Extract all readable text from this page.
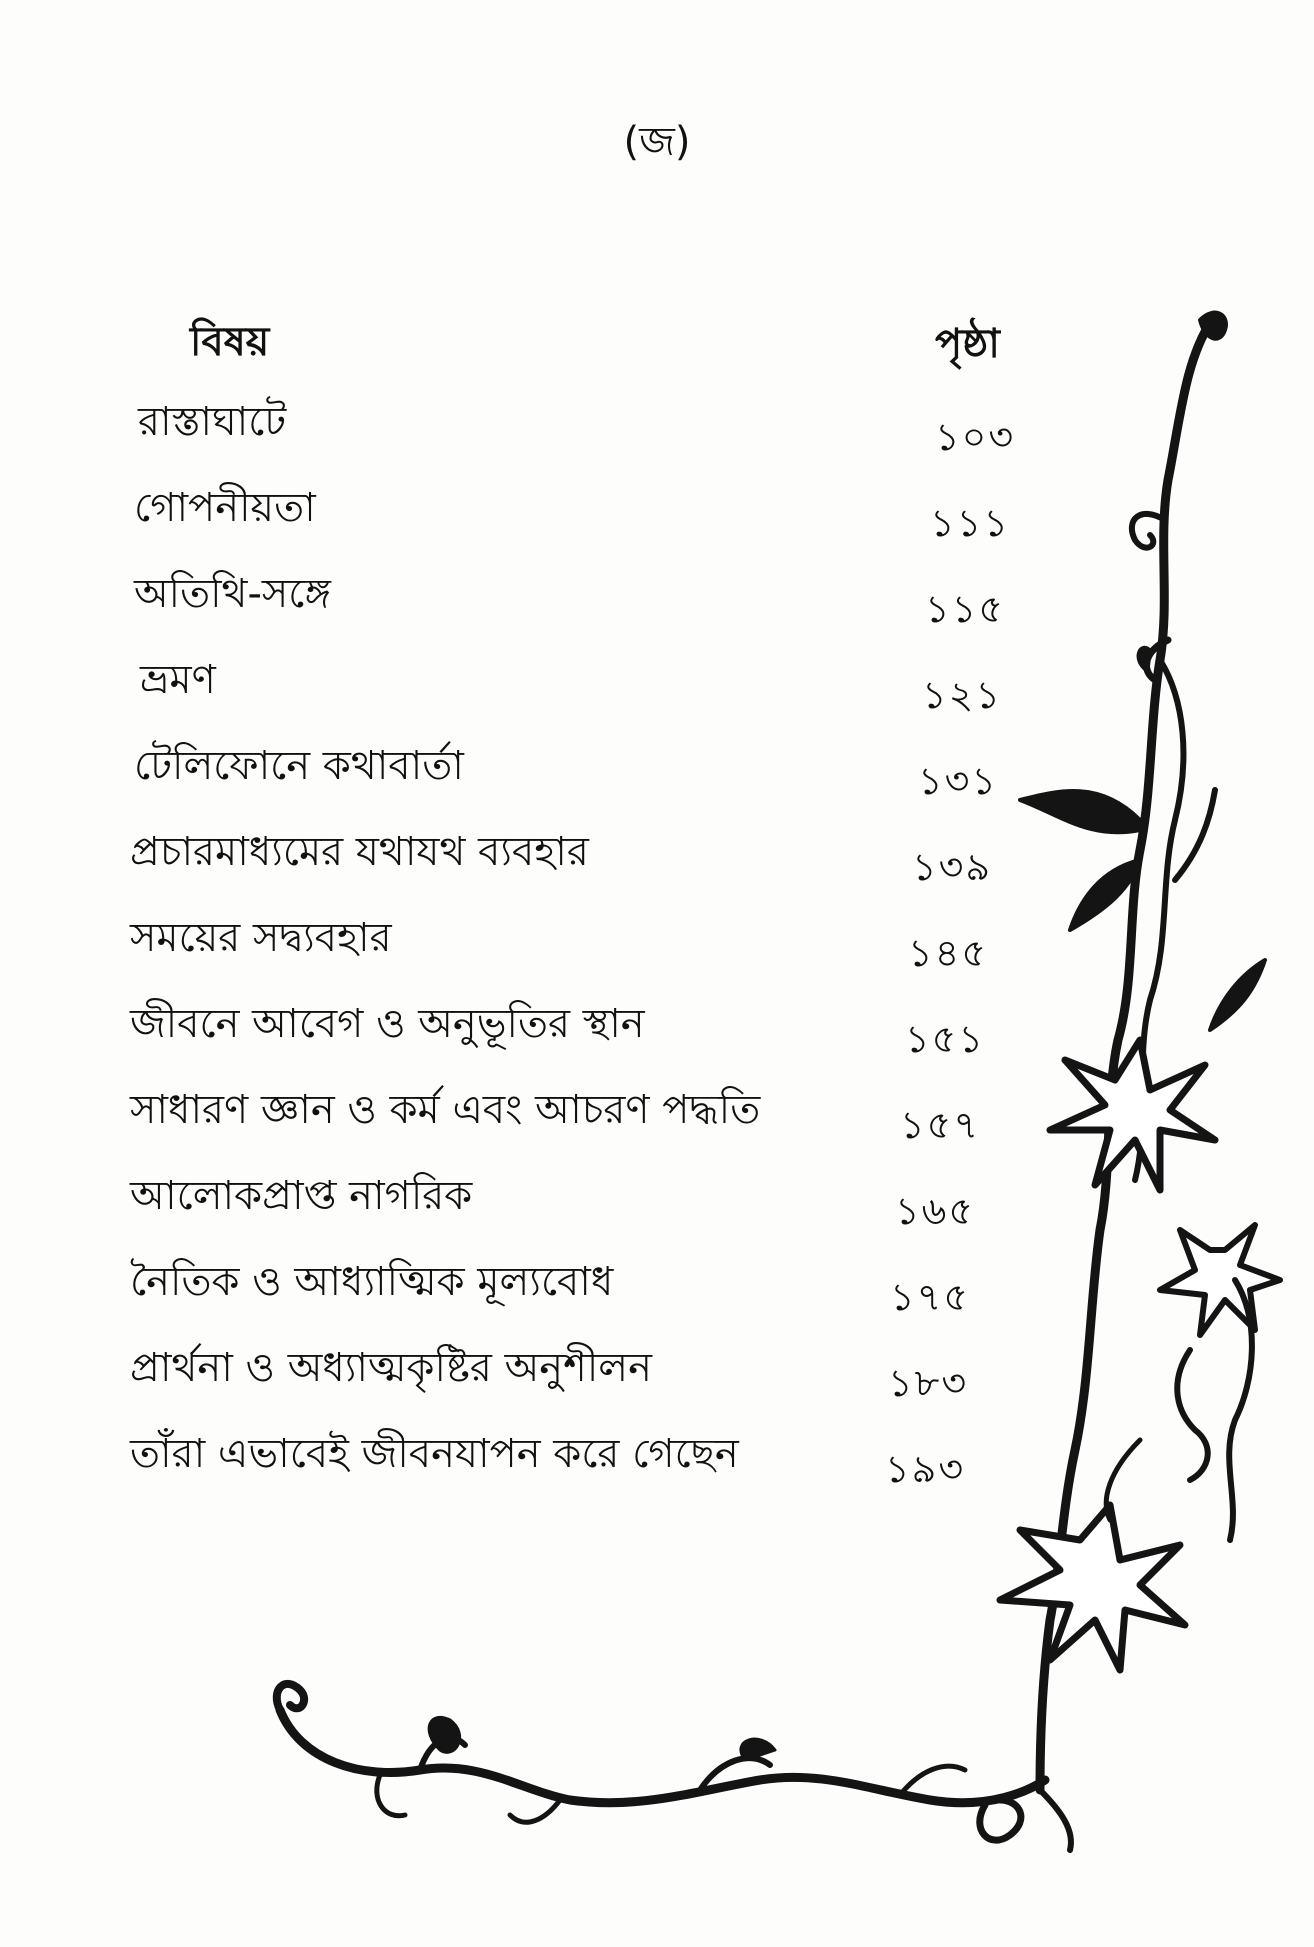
(জ)
বিষয়	পৃষ্ঠা
রাস্তাঘাটে	১০৩
গোপনীয়তা	১১১
অতিথি-সঙ্গে	১১৫
ভ্রমণ	১২১
টেলিফোনে কথাবার্তা	১৩১
প্রচারমাধ্যমের যথাযথ ব্যবহার	১৩৯
সময়ের সদ্ব্যবহার	১৪৫
জীবনে আবেগ ও অনুভূতির স্থান	১৫১
সাধারণ জ্ঞান ও কর্ম এবং আচরণ পদ্ধতি	১৫৭
আলোকপ্রাপ্ত নাগরিক	১৬৫
নৈতিক ও আধ্যাত্মিক মূল্যবোধ	১৭৫
প্রার্থনা ও অধ্যাত্মকৃষ্টির অনুশীলন	১৮৩
তাঁরা এভাবেই জীবনযাপন করে গেছেন	১৯৩
